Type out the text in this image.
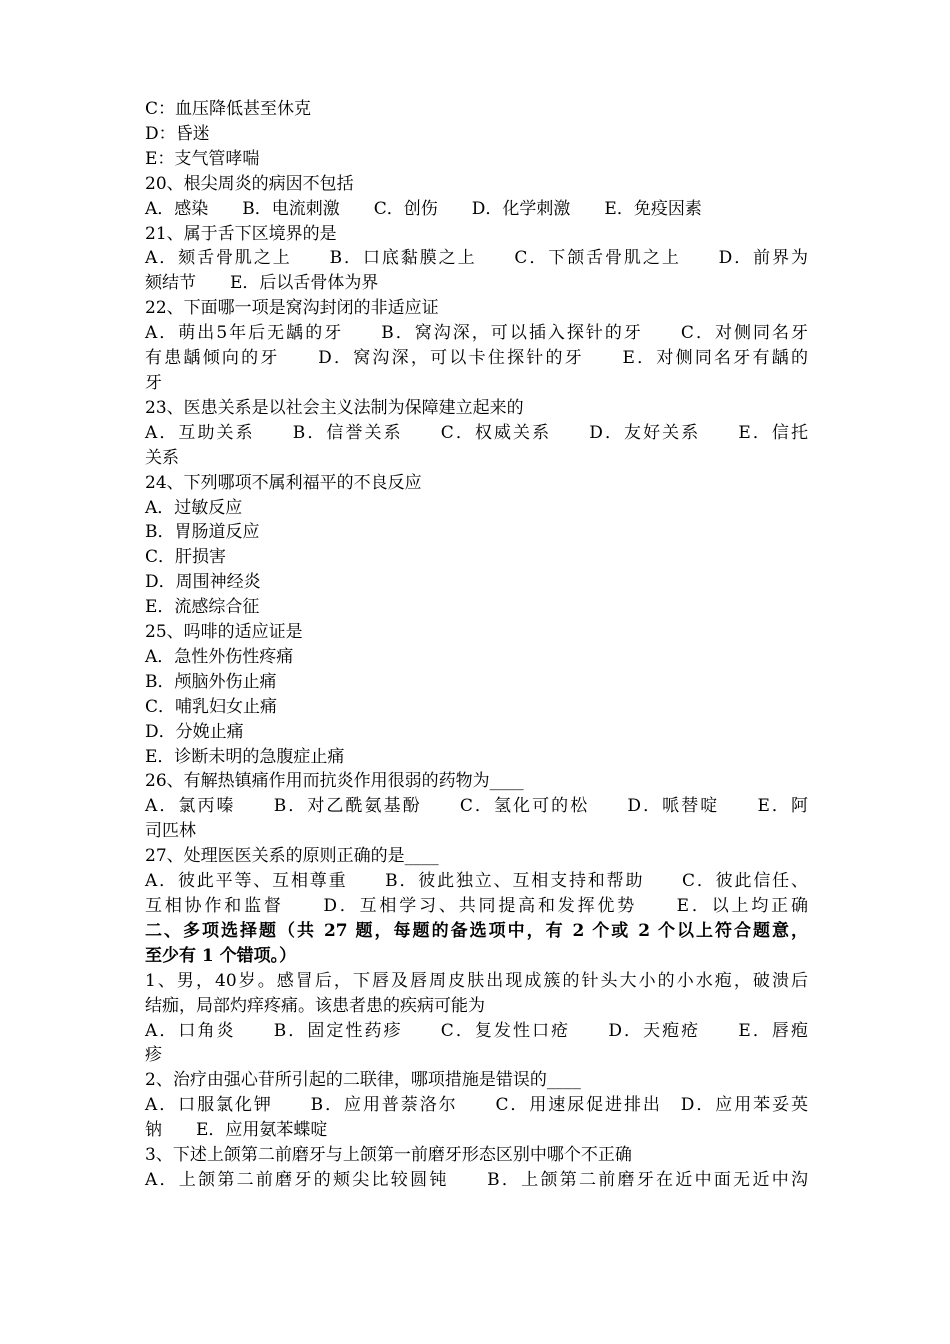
C：血压降低甚至休克
D：昏迷
E：支气管哮喘
20、根尖周炎的病因不包括
A．感染　　B．电流刺激　　C．创伤　　D．化学刺激　　E．免疫因素
21、属于舌下区境界的是
A．颏舌骨肌之上　　B．口底黏膜之上　　C．下颌舌骨肌之上　　D．前界为
颏结节　　E．后以舌骨体为界
22、下面哪一项是窝沟封闭的非适应证
A．萌出5年后无龋的牙　　B．窝沟深，可以插入探针的牙　　C．对侧同名牙
有患龋倾向的牙　　D．窝沟深，可以卡住探针的牙　　E．对侧同名牙有龋的
牙
23、医患关系是以社会主义法制为保障建立起来的
A．互助关系　　B．信誉关系　　C．权威关系　　D．友好关系　　E．信托
关系
24、下列哪项不属利福平的不良反应
A．过敏反应
B．胃肠道反应
C．肝损害
D．周围神经炎
E．流感综合征
25、吗啡的适应证是
A．急性外伤性疼痛
B．颅脑外伤止痛
C．哺乳妇女止痛
D．分娩止痛
E．诊断未明的急腹症止痛
26、有解热镇痛作用而抗炎作用很弱的药物为____
A．氯丙嗪　　B．对乙酰氨基酚　　C．氢化可的松　　D．哌替啶　　E．阿
司匹林
27、处理医医关系的原则正确的是____
A．彼此平等、互相尊重　　B．彼此独立、互相支持和帮助　　C．彼此信任、
互相协作和监督　　D．互相学习、共同提高和发挥优势　　E．以上均正确
二、多项选择题（共 27 题，每题的备选项中，有 2 个或 2 个以上符合题意，
至少有 1 个错项。）
1、男，40岁。感冒后，下唇及唇周皮肤出现成簇的针头大小的小水疱，破溃后
结痂，局部灼痒疼痛。该患者患的疾病可能为
A．口角炎　　B．固定性药疹　　C．复发性口疮　　D．天疱疮　　E．唇疱
疹
2、治疗由强心苷所引起的二联律，哪项措施是错误的____
A．口服氯化钾　　B．应用普萘洛尔　　C．用速尿促进排出　D．应用苯妥英
钠　　E．应用氨苯蝶啶
3、下述上颌第二前磨牙与上颌第一前磨牙形态区别中哪个不正确
A．上颌第二前磨牙的颊尖比较圆钝　　B．上颌第二前磨牙在近中面无近中沟
